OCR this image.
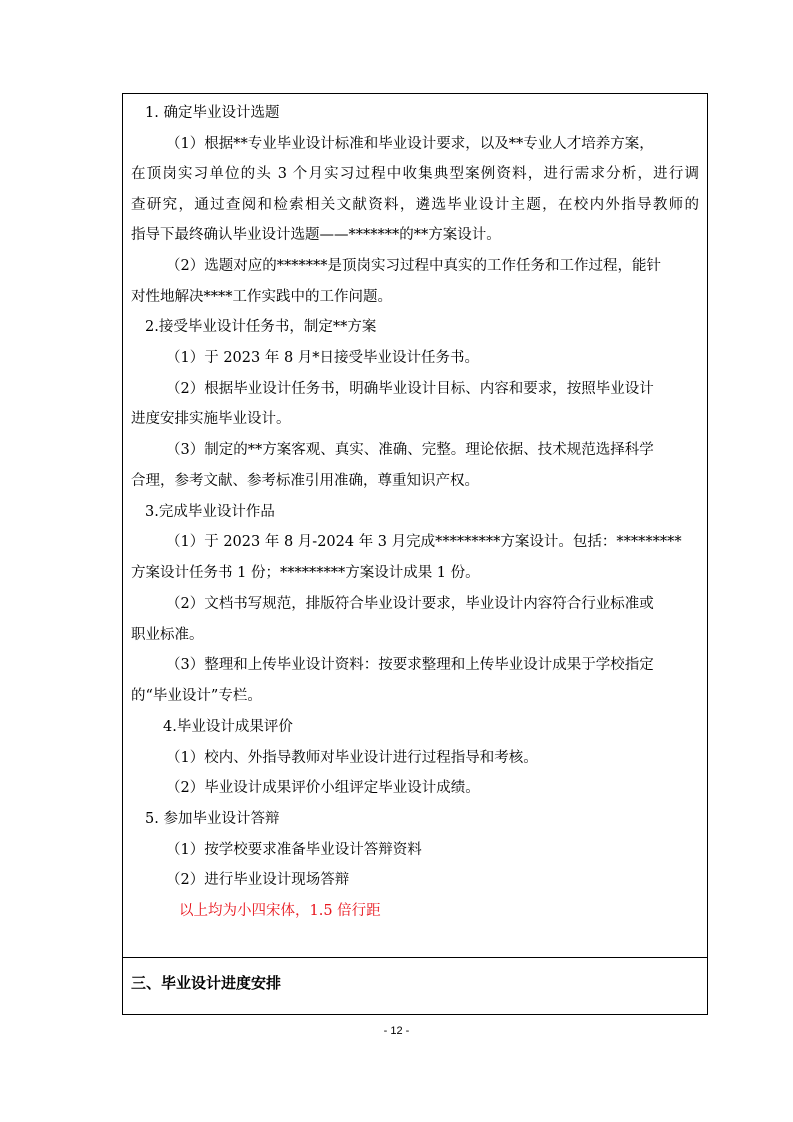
1. 确定毕业设计选题
（1）根据**专业毕业设计标准和毕业设计要求，以及**专业人才培养方案，
在顶岗实习单位的头 3 个月实习过程中收集典型案例资料，进行需求分析，进行调
查研究，通过查阅和检索相关文献资料，遴选毕业设计主题，在校内外指导教师的
指导下最终确认毕业设计选题——*******的**方案设计。
（2）选题对应的*******是顶岗实习过程中真实的工作任务和工作过程，能针
对性地解决****工作实践中的工作问题。
2.接受毕业设计任务书，制定**方案
（1）于 2023 年 8 月*日接受毕业设计任务书。
（2）根据毕业设计任务书，明确毕业设计目标、内容和要求，按照毕业设计
进度安排实施毕业设计。
（3）制定的**方案客观、真实、准确、完整。理论依据、技术规范选择科学
合理，参考文献、参考标准引用准确，尊重知识产权。
3.完成毕业设计作品
（1）于 2023 年 8 月-2024 年 3 月完成*********方案设计。包括：*********
方案设计任务书 1 份；*********方案设计成果 1 份。
（2）文档书写规范，排版符合毕业设计要求，毕业设计内容符合行业标准或
职业标准。
（3）整理和上传毕业设计资料：按要求整理和上传毕业设计成果于学校指定
的“毕业设计”专栏。
4.毕业设计成果评价
（1）校内、外指导教师对毕业设计进行过程指导和考核。
（2）毕业设计成果评价小组评定毕业设计成绩。
5. 参加毕业设计答辩
（1）按学校要求准备毕业设计答辩资料
（2）进行毕业设计现场答辩
以上均为小四宋体，1.5 倍行距
三、毕业设计进度安排
- 12 -
